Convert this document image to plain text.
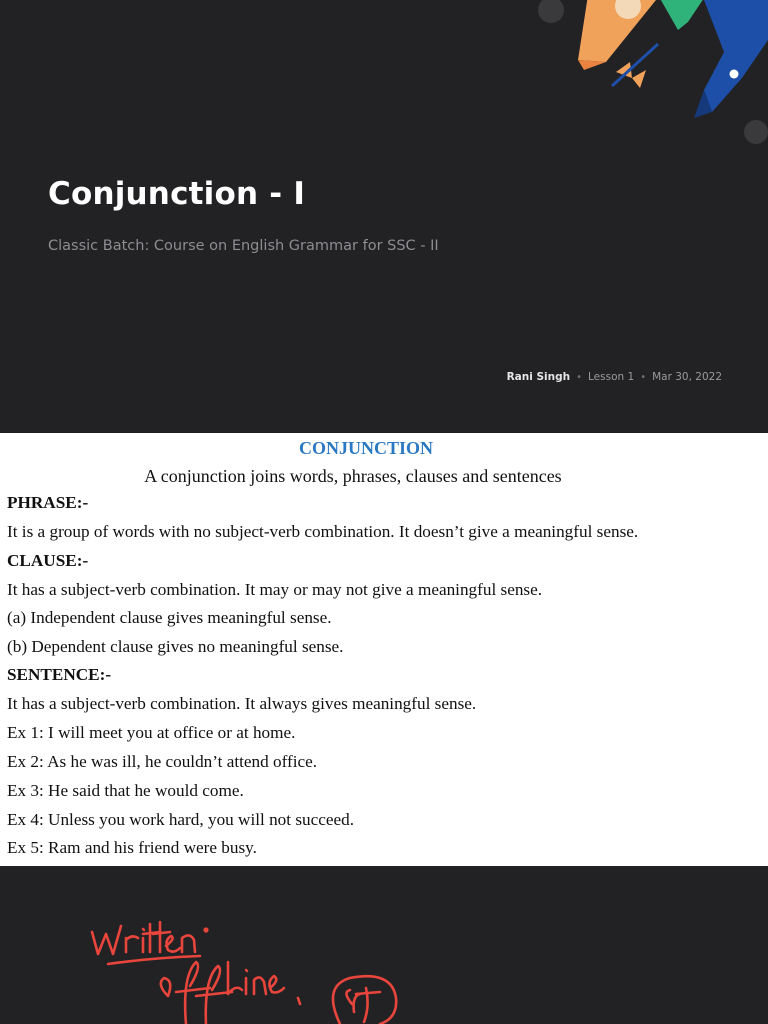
Conjunction - I
Classic Batch: Course on English Grammar for SSC - II
Rani Singh • Lesson 1 • Mar 30, 2022
CONJUNCTION
A conjunction joins words, phrases, clauses and sentences
PHRASE:-
It is a group of words with no subject-verb combination. It doesn’t give a meaningful sense.
CLAUSE:-
It has a subject-verb combination. It may or may not give a meaningful sense.
(a) Independent clause gives meaningful sense.
(b) Dependent clause gives no meaningful sense.
SENTENCE:-
It has a subject-verb combination. It always gives meaningful sense.
Ex 1: I will meet you at office or at home.
Ex 2: As he was ill, he couldn’t attend office.
Ex 3: He said that he would come.
Ex 4: Unless you work hard, you will not succeed.
Ex 5: Ram and his friend were busy.
